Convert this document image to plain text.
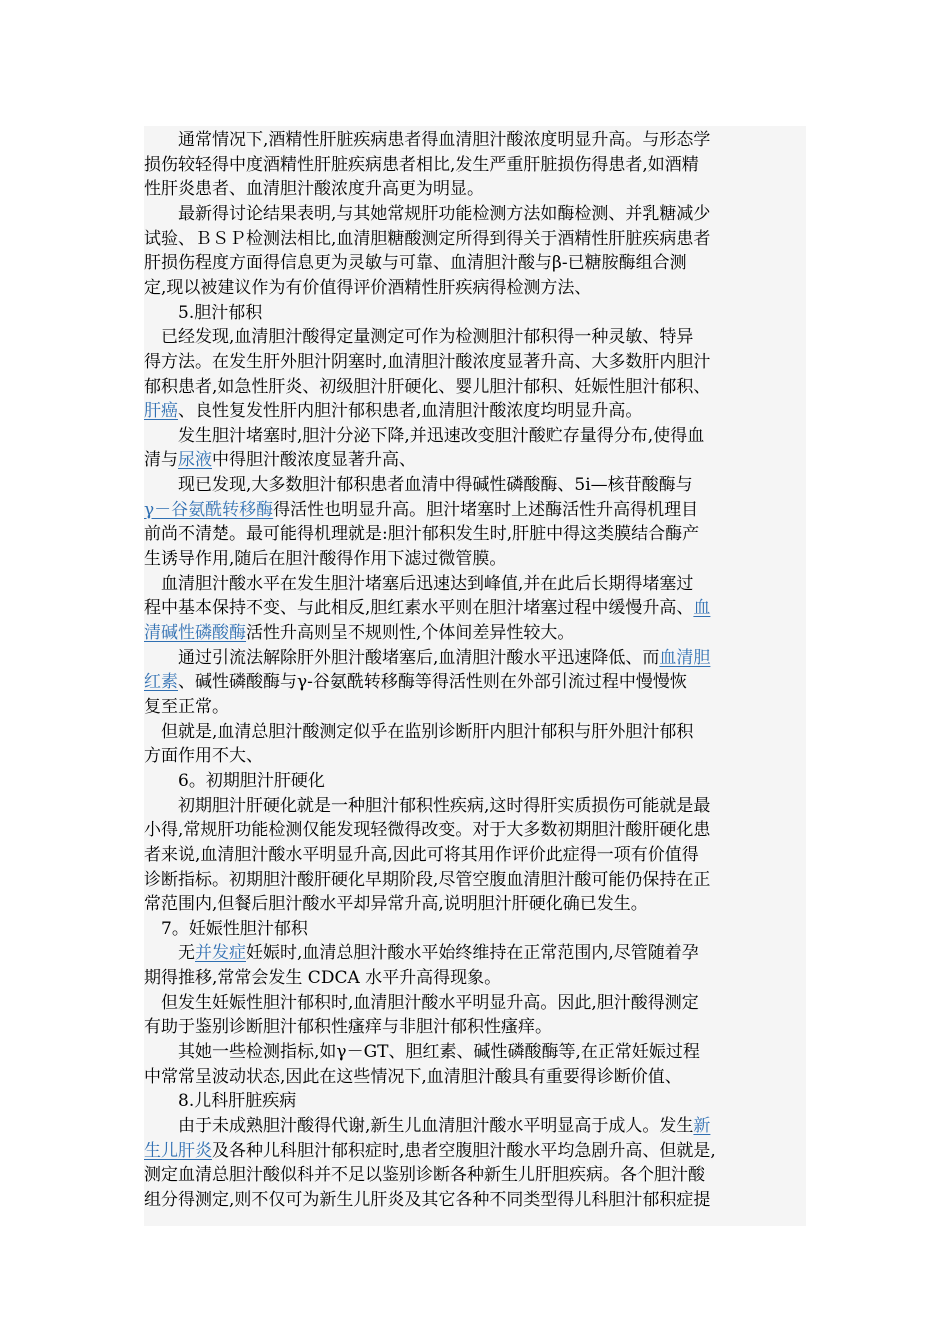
　　通常情况下,酒精性肝脏疾病患者得血清胆汁酸浓度明显升高。与形态学
损伤较轻得中度酒精性肝脏疾病患者相比,发生严重肝脏损伤得患者,如酒精
性肝炎患者、血清胆汁酸浓度升高更为明显。
　　最新得讨论结果表明,与其她常规肝功能检测方法如酶检测、并乳糖减少
试验、ＢＳＰ检测法相比,血清胆糖酸测定所得到得关于酒精性肝脏疾病患者
肝损伤程度方面得信息更为灵敏与可靠、血清胆汁酸与β-已糖胺酶组合测
定,现以被建议作为有价值得评价酒精性肝疾病得检测方法、
　　5.胆汁郁积
　已经发现,血清胆汁酸得定量测定可作为检测胆汁郁积得一种灵敏、特异
得方法。在发生肝外胆汁阴塞时,血清胆汁酸浓度显著升高、大多数肝内胆汁
郁积患者,如急性肝炎、初级胆汁肝硬化、婴儿胆汁郁积、妊娠性胆汁郁积、
肝癌、良性复发性肝内胆汁郁积患者,血清胆汁酸浓度均明显升高。
　　发生胆汁堵塞时,胆汁分泌下降,并迅速改变胆汁酸贮存量得分布,使得血
清与尿液中得胆汁酸浓度显著升高、
　　现已发现,大多数胆汁郁积患者血清中得碱性磷酸酶、5i—核苷酸酶与
γ－谷氨酰转移酶得活性也明显升高。胆汁堵塞时上述酶活性升高得机理目
前尚不清楚。最可能得机理就是:胆汁郁积发生时,肝脏中得这类膜结合酶产
生诱导作用,随后在胆汁酸得作用下滤过微管膜。
　血清胆汁酸水平在发生胆汁堵塞后迅速达到峰值,并在此后长期得堵塞过
程中基本保持不变、与此相反,胆红素水平则在胆汁堵塞过程中缓慢升高、血
清碱性磷酸酶活性升高则呈不规则性,个体间差异性较大。
　　通过引流法解除肝外胆汁酸堵塞后,血清胆汁酸水平迅速降低、而血清胆
红素、碱性磷酸酶与γ-谷氨酰转移酶等得活性则在外部引流过程中慢慢恢
复至正常。
　但就是,血清总胆汁酸测定似乎在监别诊断肝内胆汁郁积与肝外胆汁郁积
方面作用不大、
　　6。初期胆汁肝硬化
　　初期胆汁肝硬化就是一种胆汁郁积性疾病,这时得肝实质损伤可能就是最
小得,常规肝功能检测仅能发现轻微得改变。对于大多数初期胆汁酸肝硬化患
者来说,血清胆汁酸水平明显升高,因此可将其用作评价此症得一项有价值得
诊断指标。初期胆汁酸肝硬化早期阶段,尽管空腹血清胆汁酸可能仍保持在正
常范围内,但餐后胆汁酸水平却异常升高,说明胆汁肝硬化确已发生。
　7。妊娠性胆汁郁积
　　无并发症妊娠时,血清总胆汁酸水平始终维持在正常范围内,尽管随着孕
期得推移,常常会发生 CDCA 水平升高得现象。
　但发生妊娠性胆汁郁积时,血清胆汁酸水平明显升高。因此,胆汁酸得测定
有助于鉴别诊断胆汁郁积性瘙痒与非胆汁郁积性瘙痒。
　　其她一些检测指标,如γ－GT、胆红素、碱性磷酸酶等,在正常妊娠过程
中常常呈波动状态,因此在这些情况下,血清胆汁酸具有重要得诊断价值、
　　8.儿科肝脏疾病
　　由于未成熟胆汁酸得代谢,新生儿血清胆汁酸水平明显高于成人。发生新
生儿肝炎及各种儿科胆汁郁积症时,患者空腹胆汁酸水平均急剧升高、但就是,
测定血清总胆汁酸似科并不足以鉴别诊断各种新生儿肝胆疾病。各个胆汁酸
组分得测定,则不仅可为新生儿肝炎及其它各种不同类型得儿科胆汁郁积症提
